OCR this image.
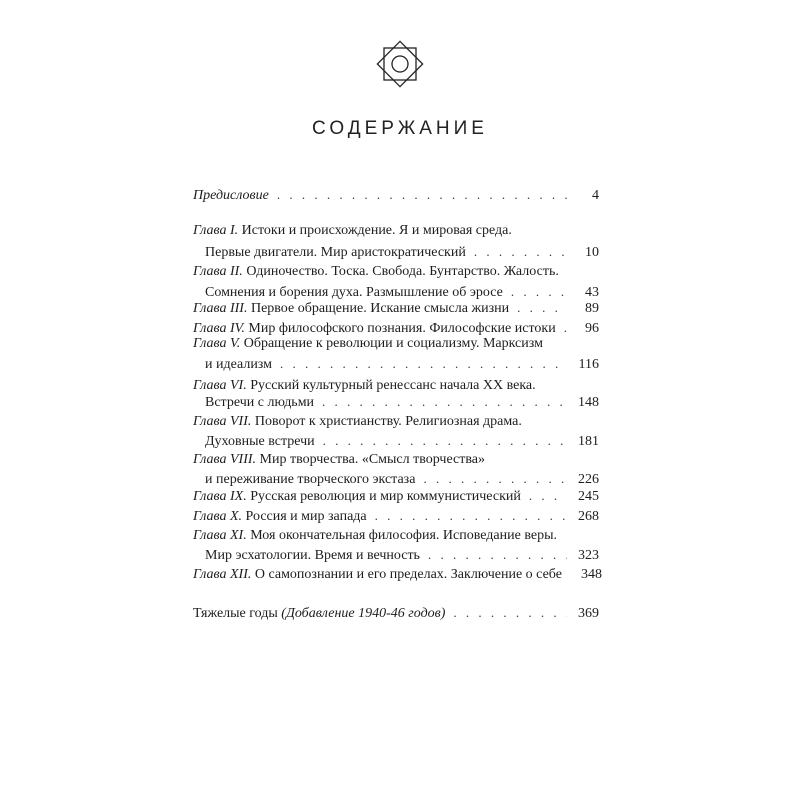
СОДЕРЖАНИЕ
Предисловие . . .	4
Глава I.
Истоки и происхождение. Я и мировая среда.
Первые двигатели. Мир аристократический . . .	10
Глава II.
Одиночество. Тоска. Свобода. Бунтарство. Жалость.
Сомнения и борения духа. Размышление об эросе . . .	43
Глава III.
Первое обращение. Искание смысла жизни . . .	89
Глава IV.
Мир философского познания. Философские истоки . . .	96
Глава V.
Обращение к революции и социализму. Марксизм
и идеализм . . .	116
Глава VI.
Русский культурный ренессанс начала XX века.
Встречи с людьми . . .	148
Глава VII.
Поворот к христианству. Религиозная драма.
Духовные встречи . . .	181
Глава VIII.
Мир творчества. «Смысл творчества»
и переживание творческого экстаза . . .	226
Глава IX.
Русская революция и мир коммунистический . . .	245
Глава X.
Россия и мир запада . . .	268
Глава XI.
Моя окончательная философия. Исповедание веры.
Мир эсхатологии. Время и вечность . . .	323
Глава XII.
О самопознании и его пределах. Заключение о себе	348
Тяжелые годы
(Добавление 1940-46 годов) . . .	369
